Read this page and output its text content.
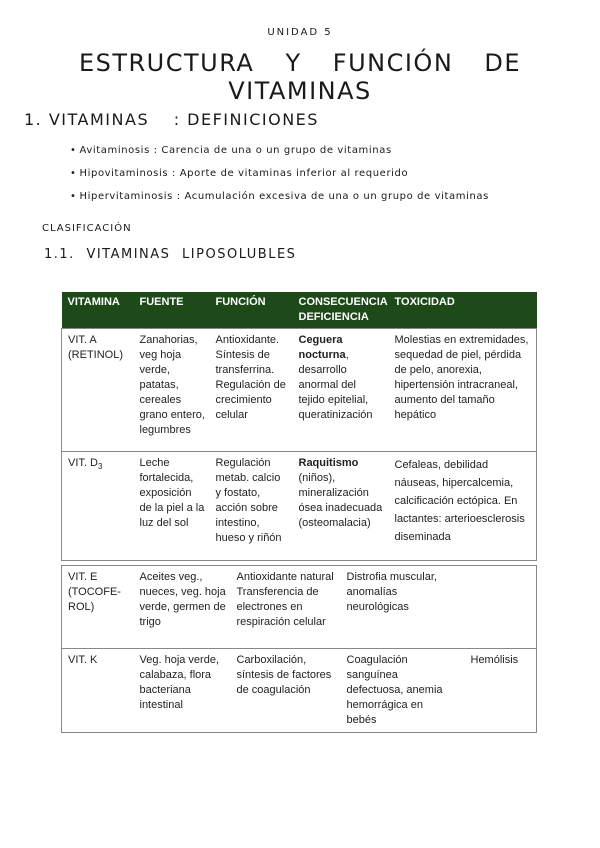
UNIDAD 5
ESTRUCTURA Y FUNCIÓN DE VITAMINAS
1. VITAMINAS : DEFINICIONES
• Avitaminosis : Carencia de una o un grupo de vitaminas
• Hipovitaminosis : Aporte de vitaminas inferior al requerido
• Hipervitaminosis : Acumulación excesiva de una o un grupo de vitaminas
CLASIFICACIÓN
1.1. VITAMINAS LIPOSOLUBLES
VITAMINA	FUENTE	FUNCIÓN	CONSECUENCIA DEFICIENCIA	TOXICIDAD
VIT. A (RETINOL)	Zanahorias, veg hoja verde, patatas, cereales grano entero, legumbres	Antioxidante. Síntesis de transferrina. Regulación de crecimiento celular	Ceguera nocturna, desarrollo anormal del tejido epitelial, queratinización	Molestias en extremidades, sequedad de piel, pérdida de pelo, anorexia, hipertensión intracraneal, aumento del tamaño hepático
VIT. $D_3$	Leche fortalecida, exposición de la piel a la luz del sol	Regulación metab. calcio y fostato, acción sobre intestino, hueso y riñón	Raquitismo (niños), mineralización ósea inadecuada (osteomalacia)	Cefaleas, debilidad náuseas, hipercalcemia, calcificación ectópica. En lactantes: arterioesclerosis diseminada
VIT. E (TOCOFE-ROL)	Aceites veg., nueces, veg. hoja verde, germen de trigo	Antioxidante natural Transferencia de electrones en respiración celular	Distrofia muscular, anomalías neurológicas	
VIT. K	Veg. hoja verde, calabaza, flora bacteriana intestinal	Carboxilación, síntesis de factores de coagulación	Coagulación sanguínea defectuosa, anemia hemorrágica en bebés	Hemólisis
